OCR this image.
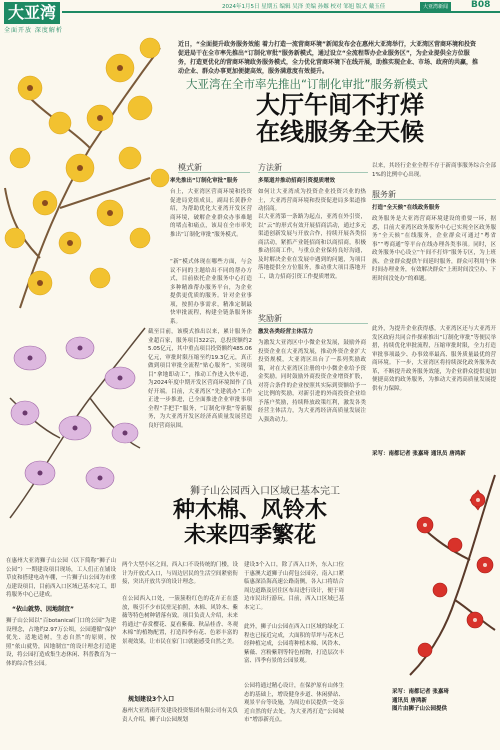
大亚湾
全面开放 深度解析
2024年1月5日 星期五 编辑 吴泽 美编 孙嫄 校对 邹旭 版式 戴玉佳	大亚湾新闻	B08
近日，“全面提升政务服务效能 着力打造一流营商环境”新闻发布会在惠州大亚湾举行，大亚湾区营商环境和投资促进局干在全市率先推出“订制化审批”服务新模式，通过设立“全流程帮办企业服务区”，为企业提供全方位服务，打造更优化的营商环境政务服务模式，全力优化营商环境下在线开展，助推实现企业、市场、政府的共赢，推动企业、群众办事更加便捷高效，服务满意度有效提升。
大亚湾在全市率先推出“订制化审批”服务新模式
大厅午间不打烊
在线服务全天候
模式新
率先推出“订制化审批”服务
台上，大亚湾区营商环境和投资促进局党组成员，副局长黄静介绍，为帮助优化大亚湾开发区营商环境，破解企业群众办事难题的堵点和痛点，该局在全市率先推出“订制化审批”服务模式。
“新”模式体现在哪些方面，与会议不同的主题给出不同的帮办方式，目前依托企业服务中心打造多种精准帮办服务平台，为企业提供更优质的服务。针对企业事项，按照办事需求，精准定制最快审批流程，构建全链条服务体系。
截至目前，该模式推出以来，累计服务企业超百家，服务项目322宗，总投资额约25.05亿元，其中重点项目投资额约485.06亿元，审批时限压缩至约19.3亿元，真正做到项目审批全流程“贴心服务”，实现项目“拿地即动工”，推动工作进入快车道，为2024年度中期开发区营商环境图作了良好开端。目前，大亚湾区“先建就办”工作正进一步推进，已全面推进企业审批事项全程“手把手”服务，“订制化审批”等新服务，为大亚湾开发区经济高质量发展营造良好营商氛围。
方法新
多渠道并推动招商引资提质增效
如何让大亚湾成为投资企业投资兴业的热土，大亚湾营商环境和投资促进局多渠道推动招商。
以大亚湾第一条路为起点，亚湾在外引资，以“云”的形式有效开展招商活动，通过多元渠道创新发展与开放合作，持续开展各类招商活动，紧抓产业链招商和以商招商，积极推动招商工作，与重点企业保持良好沟通，及时解决企业在发展中遇到的问题，为项目落地提供全方位服务，推动重大项目落地开工，助力招商引资工作提质增效。
奖励新
激发各类经营主体活力
为激发大亚湾区中小微企业发展，鼓励外商投资企业在大亚湾发展，推动外资企业扩大投资规模，大亚湾区出台了一系列奖励政策，对在大亚湾区注册的中小微企业给予资金奖励。同时鼓励外商投资企业增资扩股，对符合条件的企业按照其实际到资额给予一定比例的奖励，对新引进的外商投资企业给予落户奖励，持续释放政策红利，激发各类经营主体活力，为大亚湾经济高质量发展注入强劲动力。
以来，其经行企业全程不存于新商事服务综合全部1%的比例中心出现。
服务新
打造“全天候”在线政务服务
政务服务是大亚湾营商环境建设的重要一环，据悉，目前大亚湾区政务服务中心已实现全区政务服务“全天候”在线服务，企业群众可通过“粤省事”“粤商通”等平台在线办理各类事项。同时，区政务服务中心设立“午间不打烊”服务专区，为上班族、企业群众提供午间延时服务，群众可利用午休时间办理业务，有效解决群众“上班时间没空办、下班时间没处办”的难题。
此外，为提升企业获得感，大亚湾区还与大亚湾开发区政府共同合作探索推出“订制化审批”等便民举措，持续优化审批流程，压缩审批时限，全力打造审批事项最少、办事效率最高、服务质量最优的营商环境。下一步，大亚湾区将持续深化政务服务改革，不断提升政务服务效能，为企业群众提供更加便捷高效的政务服务，为推动大亚湾高质量发展提供有力保障。
采写：南都记者 张嘉琦 通讯员 唐鸿新
狮子山公园西入口区域已基本完工
种木棉、风铃木
未来四季繁花
在惠州大亚湾狮子山公园（以下简称“狮子山公园”）一期建设项目现场，工人们正在铺设草皮和搭建电动车棚，一片狮子山公园为市重点建设项目，目前西入口区域已基本完工，即将服务中心已建成。
“依山就势、因地制宜”
狮子山公园以“百botanical门口的公园”为建设理念，占地约2.97万公顷，公园遵循“保护优先、适地适树，生态自然”的原则，按照“依山就势，因地制宜”的设计理念打造建设，将公园打造成集生态休闲、科普教育为一体的综合性公园。
两个大型小区之间，西入口不设传统的门楼，设计为开放式入口，与周边居民的生活空间紧密衔接，突出开放共享的设计理念。
在公园西入口处，一簇簇粉红色的花卉正在盛放，吸引不少市民驻足拍照，木棉、风铃木、紫薇等特色树种错落有致。项目负责人介绍，未来将通过“春赏樱花、夏看紫薇、秋品桂香、冬观木棉”的植物配置，打造四季有花、色彩丰富的景观效果，让市民在家门口就能感受自然之美。
规划建设3个入口
惠州大亚湾南开发建设投资集团有限公司有关负责人介绍，狮子山公园规划
建设3个入口，除了西入口外，东入口位于惠澳大道狮子山荷包公园旁，南入口紧临惠深沿海高速公路南侧，各入口将结合周边道路及居住区布局进行设计，便于周边市民出行游玩。目前，西入口区域已基本完工。
此外，狮子山公园在西入口区域的绿化工程也已接近完成，大面积的草坪与花木已经种植完成，公园将种植木棉、风铃木、紫薇、宫粉紫荆等特色植物，打造层次丰富、四季有景的公园景观。
公园将通过精心设计，在保护原有山体生态的基础上，增设健身步道、休闲驿站、观景平台等设施，为周边市民提供一处亲近自然的好去处，为大亚湾打造“公园城市”增添新亮点。
采写：南都记者 张嘉琦
通讯员 唐鸿新
图片由狮子山公园提供
